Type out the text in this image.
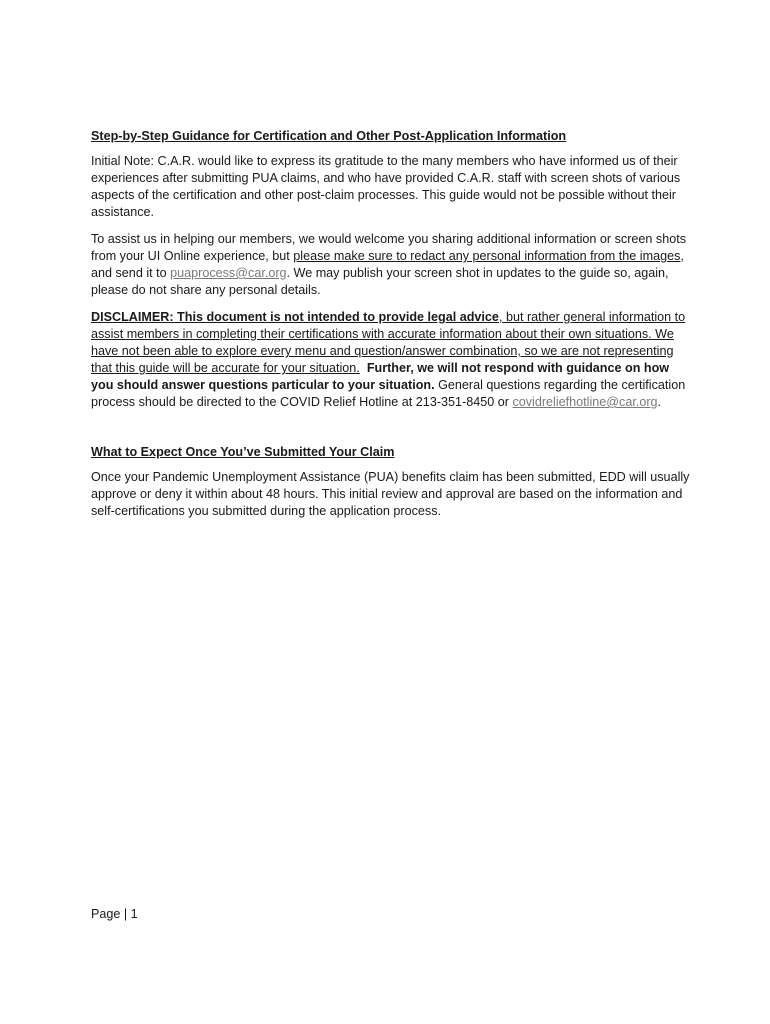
Step-by-Step Guidance for Certification and Other Post-Application Information

Initial Note: C.A.R. would like to express its gratitude to the many members who have informed us of their experiences after submitting PUA claims, and who have provided C.A.R. staff with screen shots of various aspects of the certification and other post-claim processes. This guide would not be possible without their assistance.

To assist us in helping our members, we would welcome you sharing additional information or screen shots from your UI Online experience, but please make sure to redact any personal information from the images, and send it to puaprocess@car.org. We may publish your screen shot in updates to the guide so, again, please do not share any personal details.

DISCLAIMER: This document is not intended to provide legal advice, but rather general information to assist members in completing their certifications with accurate information about their own situations. We have not been able to explore every menu and question/answer combination, so we are not representing that this guide will be accurate for your situation. Further, we will not respond with guidance on how you should answer questions particular to your situation. General questions regarding the certification process should be directed to the COVID Relief Hotline at 213-351-8450 or covidreliefhotline@car.org.

What to Expect Once You’ve Submitted Your Claim

Once your Pandemic Unemployment Assistance (PUA) benefits claim has been submitted, EDD will usually approve or deny it within about 48 hours. This initial review and approval are based on the information and self-certifications you submitted during the application process.

Page | 1
